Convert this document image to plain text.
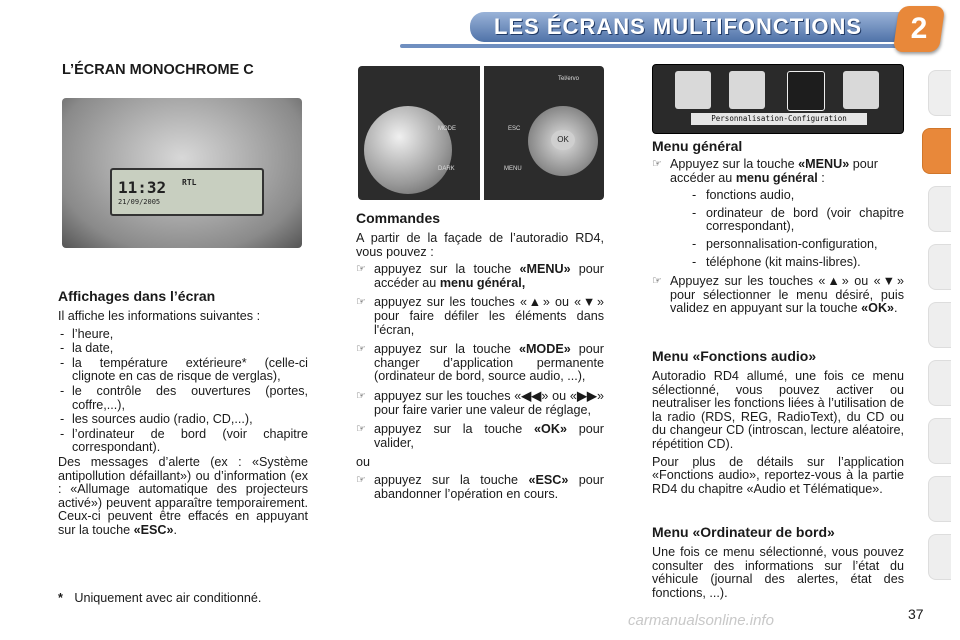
LES ÉCRANS MULTIFONCTIONS	2
L’ÉCRAN MONOCHROME C
11:32
21/09/2005
RTL
Affichages dans l’écran

Il affiche les informations suivantes :

- l’heure,
- la date,
- la température extérieure* (celle-ci clignote en cas de risque de verglas),
- le contrôle des ouvertures (portes, coffre,...),
- les sources audio (radio, CD,...),
- l’ordinateur de bord (voir chapitre correspondant).

Des messages d’alerte (ex : «Système antipollution défaillant») ou d’information (ex : «Allumage automatique des projecteurs activé») peuvent apparaître temporairement. Ceux-ci peuvent être effacés en appuyant sur la touche «ESC».

* Uniquement avec air conditionné.
MODE
DARK
ESC
MENU
Tel/ervo
OK
Commandes

A partir de la façade de l’autoradio RD4, vous pouvez :

☞ appuyez sur la touche «MENU» pour accéder au menu général,
☞ appuyez sur les touches «▲» ou «▼» pour faire défiler les éléments dans l'écran,
☞ appuyez sur la touche «MODE» pour changer d’application permanente (ordinateur de bord, source audio, ...),
☞ appuyez sur les touches «◀◀» ou «▶▶» pour faire varier une valeur de réglage,
☞ appuyez sur la touche «OK» pour valider,

ou

☞ appuyez sur la touche «ESC» pour abandonner l’opération en cours.
Personnalisation-Configuration
Menu général
☞ Appuyez sur la touche «MENU» pour accéder au menu général :
- fonctions audio,
- ordinateur de bord (voir chapitre correspondant),
- personnalisation-configuration,
- téléphone (kit mains-libres).
☞ Appuyez sur les touches «▲» ou «▼» pour sélectionner le menu désiré, puis validez en appuyant sur la touche «OK».
Menu «Fonctions audio»

Autoradio RD4 allumé, une fois ce menu sélectionné, vous pouvez activer ou neutraliser les fonctions liées à l’utilisation de la radio (RDS, REG, RadioText), du CD ou du changeur CD (introscan, lecture aléatoire, répétition CD).

Pour plus de détails sur l’application «Fonctions audio», reportez-vous à la partie RD4 du chapitre «Audio et Télématique».

Menu «Ordinateur de bord»

Une fois ce menu sélectionné, vous pouvez consulter des informations sur l’état du véhicule (journal des alertes, état des fonctions, ...).

carmanualsonline.info	37
